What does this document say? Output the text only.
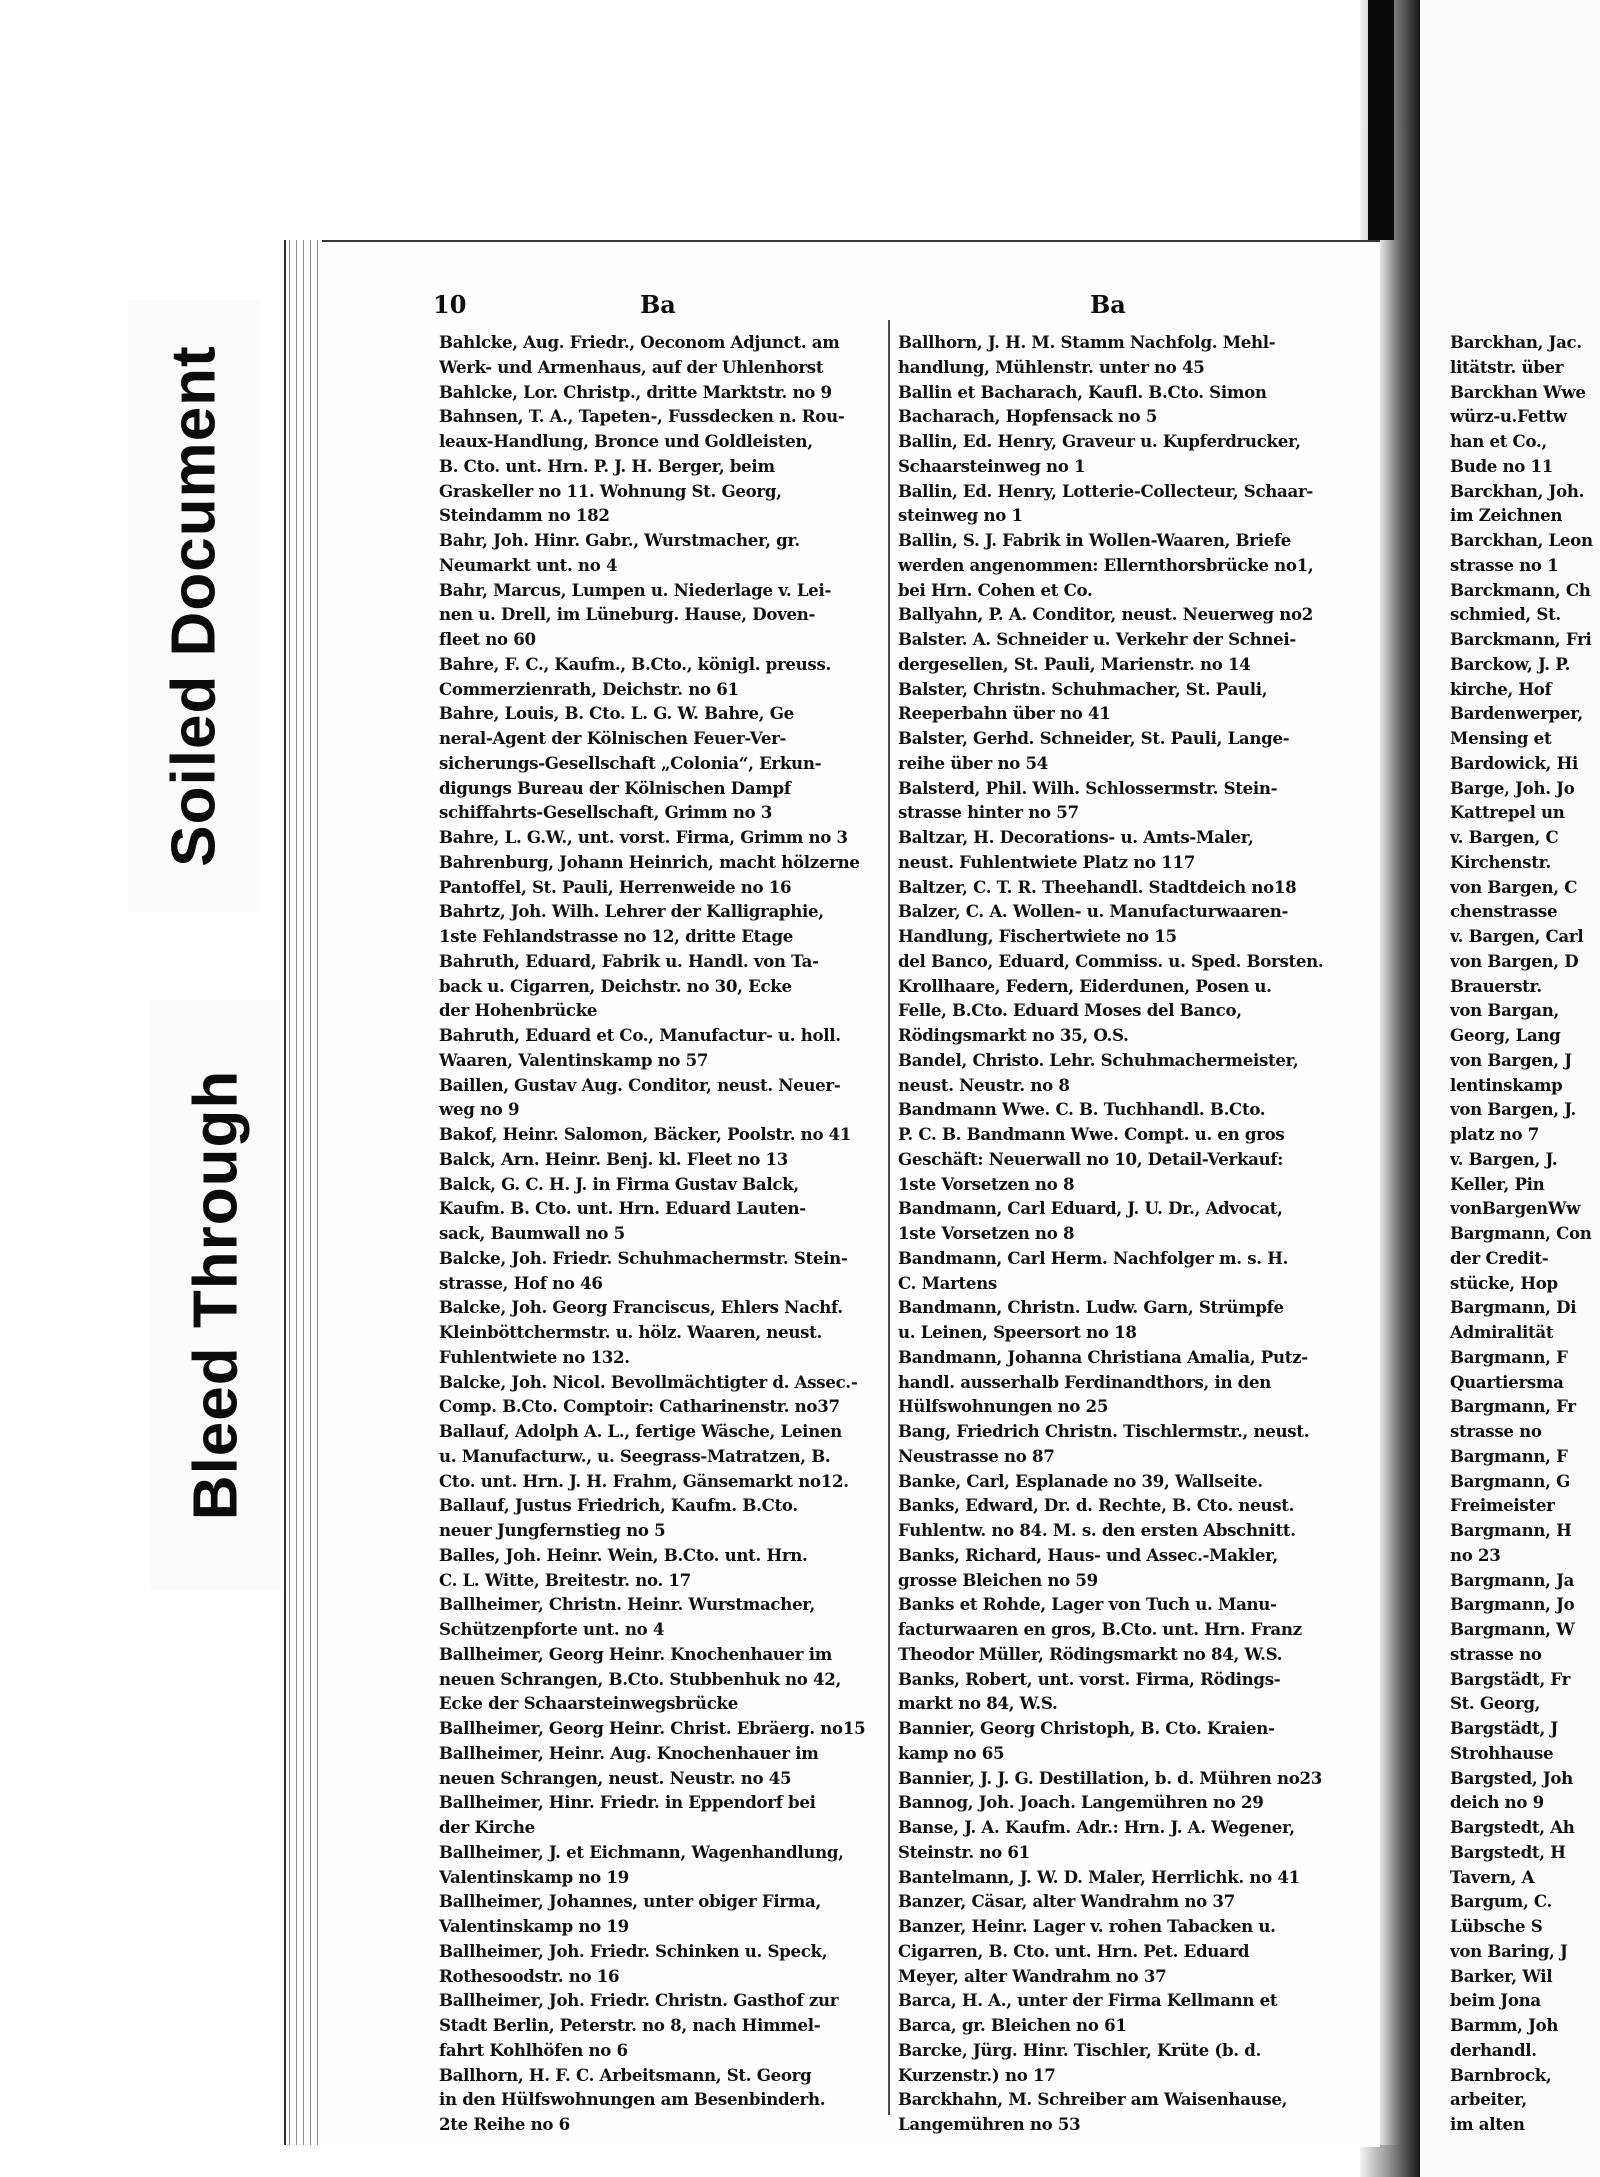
Soiled Document
Bleed Through
10	Ba	Ba
Bahlcke, Aug. Friedr., Oeconom Adjunct. am
Werk- und Armenhaus, auf der Uhlenhorst
Bahlcke, Lor. Christp., dritte Marktstr. no 9
Bahnsen, T. A., Tapeten-, Fussdecken n. Rou-
leaux-Handlung, Bronce und Goldleisten,
B. Cto. unt. Hrn. P. J. H. Berger, beim
Graskeller no 11. Wohnung St. Georg,
Steindamm no 182
Bahr, Joh. Hinr. Gabr., Wurstmacher, gr.
Neumarkt unt. no 4
Bahr, Marcus, Lumpen u. Niederlage v. Lei-
nen u. Drell, im Lüneburg. Hause, Doven-
fleet no 60
Bahre, F. C., Kaufm., B.Cto., königl. preuss.
Commerzienrath, Deichstr. no 61
Bahre, Louis, B. Cto. L. G. W. Bahre, Ge
neral-Agent der Kölnischen Feuer-Ver-
sicherungs-Gesellschaft „Colonia“, Erkun-
digungs Bureau der Kölnischen Dampf
schiffahrts-Gesellschaft, Grimm no 3
Bahre, L. G.W., unt. vorst. Firma, Grimm no 3
Bahrenburg, Johann Heinrich, macht hölzerne
Pantoffel, St. Pauli, Herrenweide no 16
Bahrtz, Joh. Wilh. Lehrer der Kalligraphie,
1ste Fehlandstrasse no 12, dritte Etage
Bahruth, Eduard, Fabrik u. Handl. von Ta-
back u. Cigarren, Deichstr. no 30, Ecke
der Hohenbrücke
Bahruth, Eduard et Co., Manufactur- u. holl.
Waaren, Valentinskamp no 57
Baillen, Gustav Aug. Conditor, neust. Neuer-
weg no 9
Bakof, Heinr. Salomon, Bäcker, Poolstr. no 41
Balck, Arn. Heinr. Benj. kl. Fleet no 13
Balck, G. C. H. J. in Firma Gustav Balck,
Kaufm. B. Cto. unt. Hrn. Eduard Lauten-
sack, Baumwall no 5
Balcke, Joh. Friedr. Schuhmachermstr. Stein-
strasse, Hof no 46
Balcke, Joh. Georg Franciscus, Ehlers Nachf.
Kleinböttchermstr. u. hölz. Waaren, neust.
Fuhlentwiete no 132.
Balcke, Joh. Nicol. Bevollmächtigter d. Assec.-
Comp. B.Cto. Comptoir: Catharinenstr. no37
Ballauf, Adolph A. L., fertige Wäsche, Leinen
u. Manufacturw., u. Seegrass-Matratzen, B.
Cto. unt. Hrn. J. H. Frahm, Gänsemarkt no12.
Ballauf, Justus Friedrich, Kaufm. B.Cto.
neuer Jungfernstieg no 5
Balles, Joh. Heinr. Wein, B.Cto. unt. Hrn.
C. L. Witte, Breitestr. no. 17
Ballheimer, Christn. Heinr. Wurstmacher,
Schützenpforte unt. no 4
Ballheimer, Georg Heinr. Knochenhauer im
neuen Schrangen, B.Cto. Stubbenhuk no 42,
Ecke der Schaarsteinwegsbrücke
Ballheimer, Georg Heinr. Christ. Ebräerg. no15
Ballheimer, Heinr. Aug. Knochenhauer im
neuen Schrangen, neust. Neustr. no 45
Ballheimer, Hinr. Friedr. in Eppendorf bei
der Kirche
Ballheimer, J. et Eichmann, Wagenhandlung,
Valentinskamp no 19
Ballheimer, Johannes, unter obiger Firma,
Valentinskamp no 19
Ballheimer, Joh. Friedr. Schinken u. Speck,
Rothesoodstr. no 16
Ballheimer, Joh. Friedr. Christn. Gasthof zur
Stadt Berlin, Peterstr. no 8, nach Himmel-
fahrt Kohlhöfen no 6
Ballhorn, H. F. C. Arbeitsmann, St. Georg
in den Hülfswohnungen am Besenbinderh.
2te Reihe no 6
Ballhorn, J. H. M. Stamm Nachfolg. Mehl-
handlung, Mühlenstr. unter no 45
Ballin et Bacharach, Kaufl. B.Cto. Simon
Bacharach, Hopfensack no 5
Ballin, Ed. Henry, Graveur u. Kupferdrucker,
Schaarsteinweg no 1
Ballin, Ed. Henry, Lotterie-Collecteur, Schaar-
steinweg no 1
Ballin, S. J. Fabrik in Wollen-Waaren, Briefe
werden angenommen: Ellernthorsbrücke no1,
bei Hrn. Cohen et Co.
Ballyahn, P. A. Conditor, neust. Neuerweg no2
Balster. A. Schneider u. Verkehr der Schnei-
dergesellen, St. Pauli, Marienstr. no 14
Balster, Christn. Schuhmacher, St. Pauli,
Reeperbahn über no 41
Balster, Gerhd. Schneider, St. Pauli, Lange-
reihe über no 54
Balsterd, Phil. Wilh. Schlossermstr. Stein-
strasse hinter no 57
Baltzar, H. Decorations- u. Amts-Maler,
neust. Fuhlentwiete Platz no 117
Baltzer, C. T. R. Theehandl. Stadtdeich no18
Balzer, C. A. Wollen- u. Manufacturwaaren-
Handlung, Fischertwiete no 15
del Banco, Eduard, Commiss. u. Sped. Borsten.
Krollhaare, Federn, Eiderdunen, Posen u.
Felle, B.Cto. Eduard Moses del Banco,
Rödingsmarkt no 35, O.S.
Bandel, Christo. Lehr. Schuhmachermeister,
neust. Neustr. no 8
Bandmann Wwe. C. B. Tuchhandl. B.Cto.
P. C. B. Bandmann Wwe. Compt. u. en gros
Geschäft: Neuerwall no 10, Detail-Verkauf:
1ste Vorsetzen no 8
Bandmann, Carl Eduard, J. U. Dr., Advocat,
1ste Vorsetzen no 8
Bandmann, Carl Herm. Nachfolger m. s. H.
C. Martens
Bandmann, Christn. Ludw. Garn, Strümpfe
u. Leinen, Speersort no 18
Bandmann, Johanna Christiana Amalia, Putz-
handl. ausserhalb Ferdinandthors, in den
Hülfswohnungen no 25
Bang, Friedrich Christn. Tischlermstr., neust.
Neustrasse no 87
Banke, Carl, Esplanade no 39, Wallseite.
Banks, Edward, Dr. d. Rechte, B. Cto. neust.
Fuhlentw. no 84. M. s. den ersten Abschnitt.
Banks, Richard, Haus- und Assec.-Makler,
grosse Bleichen no 59
Banks et Rohde, Lager von Tuch u. Manu-
facturwaaren en gros, B.Cto. unt. Hrn. Franz
Theodor Müller, Rödingsmarkt no 84, W.S.
Banks, Robert, unt. vorst. Firma, Rödings-
markt no 84, W.S.
Bannier, Georg Christoph, B. Cto. Kraien-
kamp no 65
Bannier, J. J. G. Destillation, b. d. Mühren no23
Bannog, Joh. Joach. Langemühren no 29
Banse, J. A. Kaufm. Adr.: Hrn. J. A. Wegener,
Steinstr. no 61
Bantelmann, J. W. D. Maler, Herrlichk. no 41
Banzer, Cäsar, alter Wandrahm no 37
Banzer, Heinr. Lager v. rohen Tabacken u.
Cigarren, B. Cto. unt. Hrn. Pet. Eduard
Meyer, alter Wandrahm no 37
Barca, H. A., unter der Firma Kellmann et
Barca, gr. Bleichen no 61
Barcke, Jürg. Hinr. Tischler, Krüte (b. d.
Kurzenstr.) no 17
Barckhahn, M. Schreiber am Waisenhause,
Langemühren no 53
Barckhan, Jac.
litätstr. über
Barckhan Wwe
würz-u.Fettw
han et Co.,
Bude no 11
Barckhan, Joh.
im Zeichnen
Barckhan, Leon
strasse no 1
Barckmann, Ch
schmied, St.
Barckmann, Fri
Barckow, J. P.
kirche, Hof
Bardenwerper,
Mensing et
Bardowick, Hi
Barge, Joh. Jo
Kattrepel un
v. Bargen, C
Kirchenstr.
von Bargen, C
chenstrasse
v. Bargen, Carl
von Bargen, D
Brauerstr.
von Bargan,
Georg, Lang
von Bargen, J
lentinskamp
von Bargen, J.
platz no 7
v. Bargen, J.
Keller, Pin
vonBargenWw
Bargmann, Con
der Credit-
stücke, Hop
Bargmann, Di
Admiralität
Bargmann, F
Quartiersma
Bargmann, Fr
strasse no
Bargmann, F
Bargmann, G
Freimeister
Bargmann, H
no 23
Bargmann, Ja
Bargmann, Jo
Bargmann, W
strasse no
Bargstädt, Fr
St. Georg,
Bargstädt, J
Strohhause
Bargsted, Joh
deich no 9
Bargstedt, Ah
Bargstedt, H
Tavern, A
Bargum, C.
Lübsche S
von Baring, J
Barker, Wil
beim Jona
Barmm, Joh
derhandl.
Barnbrock,
arbeiter,
im alten
